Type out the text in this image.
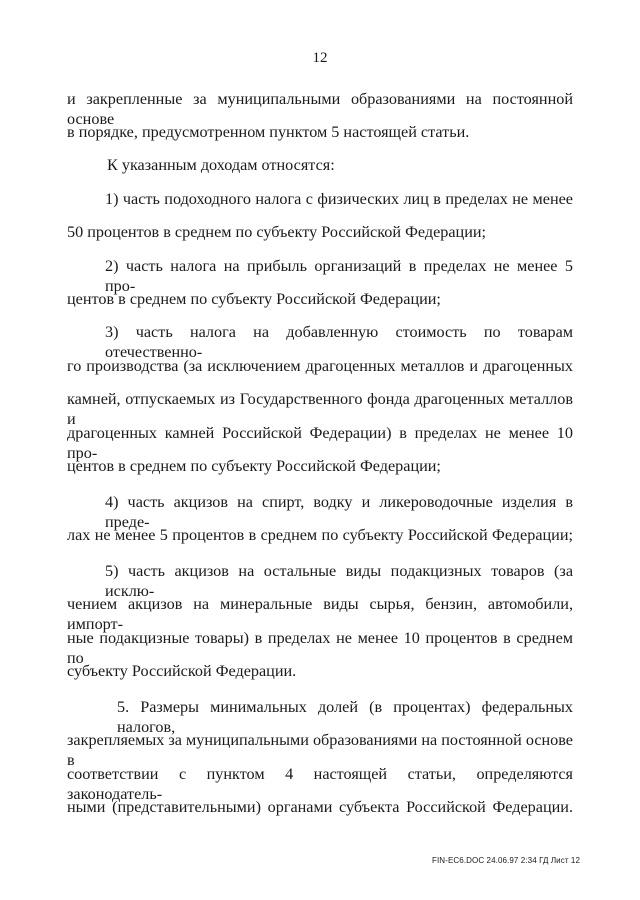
12
и закрепленные за муниципальными образованиями на постоянной основе
в порядке, предусмотренном пунктом 5 настоящей статьи.
К указанным доходам относятся:
1) часть подоходного налога с физических лиц в пределах не менее
50 процентов в среднем по субъекту Российской Федерации;
2) часть налога на прибыль организаций в пределах не менее 5 про-
центов в среднем по субъекту Российской Федерации;
3) часть налога на добавленную стоимость по товарам отечественно-
го производства (за исключением драгоценных металлов и драгоценных
камней, отпускаемых из Государственного фонда драгоценных металлов и
драгоценных камней Российской Федерации) в пределах не менее 10 про-
центов в среднем по субъекту Российской Федерации;
4) часть акцизов на спирт, водку и ликероводочные изделия в преде-
лах не менее 5 процентов в среднем по субъекту Российской Федерации;
5) часть акцизов на остальные виды подакцизных товаров (за исклю-
чением акцизов на минеральные виды сырья, бензин, автомобили, импорт-
ные подакцизные товары) в пределах не менее 10 процентов в среднем по
субъекту Российской Федерации.
5. Размеры минимальных долей (в процентах) федеральных налогов,
закрепляемых за муниципальными образованиями на постоянной основе в
соответствии с пунктом 4 настоящей статьи, определяются законодатель-
ными (представительными) органами субъекта Российской Федерации.
FIN-EC6.DOC 24.06.97 2:34 ГД Лист 12
